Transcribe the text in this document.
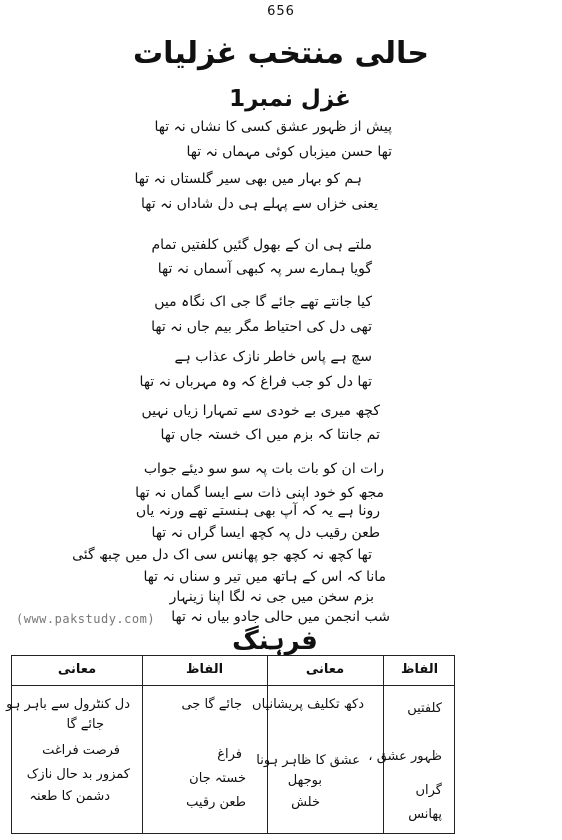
656
حالی منتخب غزلیات
غزل نمبر1
پیش از ظہور عشق کسی کا نشاں نہ تھا
تھا حسن میزباں کوئی مہماں نہ تھا
ہم کو بہار میں بھی سیر گلستاں نہ تھا
یعنی خزاں سے پہلے ہی دل شاداں نہ تھا
ملتے ہی ان کے بھول گئیں کلفتیں تمام
گویا ہمارے سر پہ کبھی آسماں نہ تھا
کیا جانتے تھے جائے گا جی اک نگاہ میں
تھی دل کی احتیاط مگر بیم جاں نہ تھا
سچ ہے پاس خاطر نازک عذاب ہے
تھا دل کو جب فراغ کہ وہ مہرباں نہ تھا
کچھ میری بے خودی سے تمہارا زیاں نہیں
تم جانتا کہ بزم میں اک خستہ جاں تھا
رات ان کو بات بات پہ سو سو دیئے جواب
مجھ کو خود اپنی ذات سے ایسا گماں نہ تھا
رونا ہے یہ کہ آپ بھی ہنستے تھے ورنہ یاں
طعن رقیب دل پہ کچھ ایسا گراں نہ تھا
تھا کچھ نہ کچھ جو پھانس سی اک دل میں چبھ گئی
(www.pakstudy.com)
فرہنگ
الفاظ
معانی
الفاظ
معانی
کلفتیں
ظہور عشق ،
گراں
پھانس
دکھ تکلیف پریشانیاں
عشق کا ظاہر ہونا
بوجھل
خلش
جائے گا جی
فراغ
خستہ جان
طعن رقیب
دل کنٹرول سے باہر ہو
جائے گا
فرصت فراغت
کمزور بد حال نازک
دشمن کا طعنہ
مانا کہ اس کے ہاتھ میں تیر و سناں نہ تھا
بزم سخن میں جی نہ لگا اپنا زینہار
شب انجمن میں حالی جادو بیاں نہ تھا
